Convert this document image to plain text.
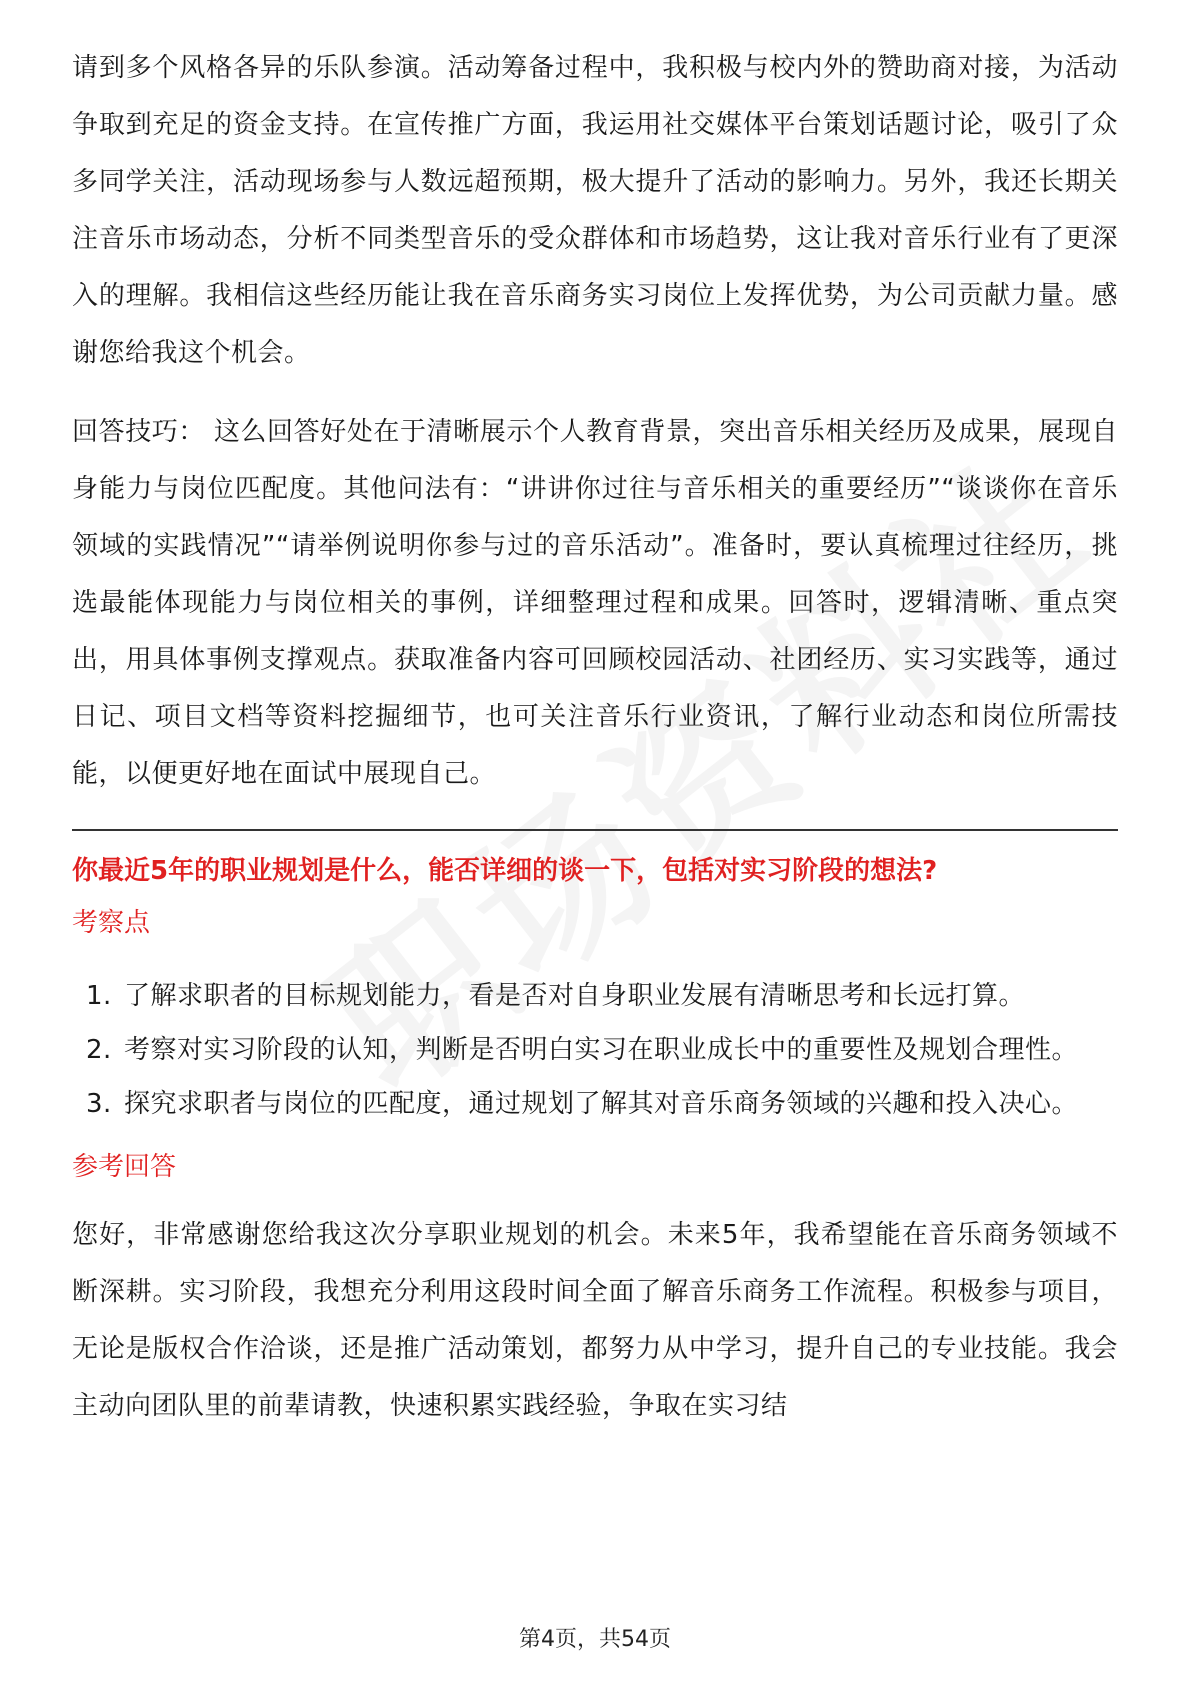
请到多个风格各异的乐队参演。活动筹备过程中，我积极与校内外的赞助商对接，为活动争取到充足的资金支持。在宣传推广方面，我运用社交媒体平台策划话题讨论，吸引了众多同学关注，活动现场参与人数远超预期，极大提升了活动的影响力。另外，我还长期关注音乐市场动态，分析不同类型音乐的受众群体和市场趋势，这让我对音乐行业有了更深入的理解。我相信这些经历能让我在音乐商务实习岗位上发挥优势，为公司贡献力量。感谢您给我这个机会。

回答技巧： 这么回答好处在于清晰展示个人教育背景，突出音乐相关经历及成果，展现自身能力与岗位匹配度。其他问法有：“讲讲你过往与音乐相关的重要经历”“谈谈你在音乐领域的实践情况”“请举例说明你参与过的音乐活动”。准备时，要认真梳理过往经历，挑选最能体现能力与岗位相关的事例，详细整理过程和成果。回答时，逻辑清晰、重点突出，用具体事例支撑观点。获取准备内容可回顾校园活动、社团经历、实习实践等，通过日记、项目文档等资料挖掘细节，也可关注音乐行业资讯，了解行业动态和岗位所需技能，以便更好地在面试中展现自己。

你最近5年的职业规划是什么，能否详细的谈一下，包括对实习阶段的想法?

考察点

1. 了解求职者的目标规划能力，看是否对自身职业发展有清晰思考和长远打算。
2. 考察对实习阶段的认知，判断是否明白实习在职业成长中的重要性及规划合理性。
3. 探究求职者与岗位的匹配度，通过规划了解其对音乐商务领域的兴趣和投入决心。

参考回答

您好，非常感谢您给我这次分享职业规划的机会。未来5年，我希望能在音乐商务领域不断深耕。实习阶段，我想充分利用这段时间全面了解音乐商务工作流程。积极参与项目，无论是版权合作洽谈，还是推广活动策划，都努力从中学习，提升自己的专业技能。我会主动向团队里的前辈请教，快速积累实践经验，争取在实习结

第4页，共54页
